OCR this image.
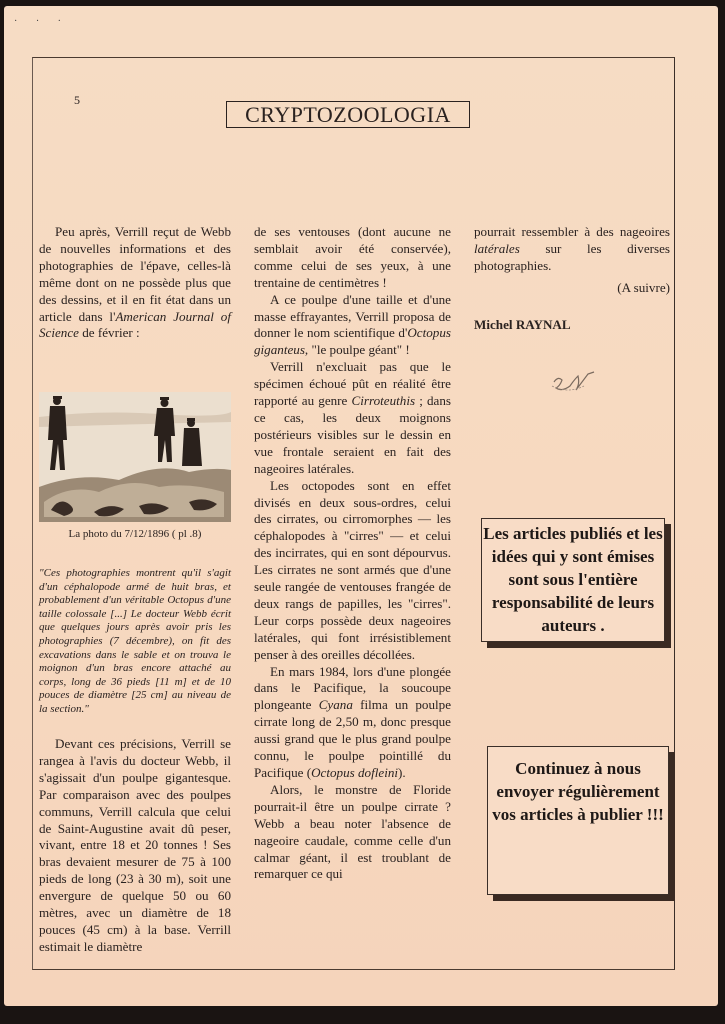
· · ·
5
CRYPTOZOOLOGIA

Peu après, Verrill reçut de Webb de nouvelles informations et des photographies de l'épave, celles-là même dont on ne possède plus que des dessins, et il en fit état dans un article dans l'American Journal of Science de février :

La photo du 7/12/1896 ( pl .8)
"Ces photographies montrent qu'il s'agit d'un céphalopode armé de huit bras, et probablement d'un véritable Octopus d'une taille colossale [...] Le docteur Webb écrit que quelques jours après avoir pris les photographies (7 décembre), on fit des excavations dans le sable et on trouva le moignon d'un bras encore attaché au corps, long de 36 pieds [11 m] et de 10 pouces de diamètre [25 cm] au niveau de la section."

Devant ces précisions, Verrill se rangea à l'avis du docteur Webb, il s'agissait d'un poulpe gigantesque. Par comparaison avec des poulpes communs, Verrill calcula que celui de Saint-Augustine avait dû peser, vivant, entre 18 et 20 tonnes ! Ses bras devaient mesurer de 75 à 100 pieds de long (23 à 30 m), soit une envergure de quelque 50 ou 60 mètres, avec un diamètre de 18 pouces (45 cm) à la base. Verrill estimait le diamètre

de ses ventouses (dont aucune ne semblait avoir été conservée), comme celui de ses yeux, à une trentaine de centimètres !

A ce poulpe d'une taille et d'une masse effrayantes, Verrill proposa de donner le nom scientifique d'Octopus giganteus, "le poulpe géant" !

Verrill n'excluait pas que le spécimen échoué pût en réalité être rapporté au genre Cirroteuthis ; dans ce cas, les deux moignons postérieurs visibles sur le dessin en vue frontale seraient en fait des nageoires latérales.

Les octopodes sont en effet divisés en deux sous-ordres, celui des cirrates, ou cirromorphes — les céphalopodes à "cirres" — et celui des incirrates, qui en sont dépourvus. Les cirrates ne sont armés que d'une seule rangée de ventouses frangée de deux rangs de papilles, les "cirres". Leur corps possède deux nageoires latérales, qui font irrésistiblement penser à des oreilles décollées.

En mars 1984, lors d'une plongée dans le Pacifique, la soucoupe plongeante Cyana filma un poulpe cirrate long de 2,50 m, donc presque aussi grand que le plus grand poulpe connu, le poulpe pointillé du Pacifique (Octopus dofleini).

Alors, le monstre de Floride pourrait-il être un poulpe cirrate ? Webb a beau noter l'absence de nageoire caudale, comme celle d'un calmar géant, il est troublant de remarquer ce qui

pourrait ressembler à des nageoires latérales sur les diverses photographies.

(A suivre)
Michel RAYNAL
Les articles publiés et les idées qui y sont émises sont sous l'entière responsabilité de leurs auteurs .
Continuez à nous envoyer régulièrement vos articles à publier !!!
